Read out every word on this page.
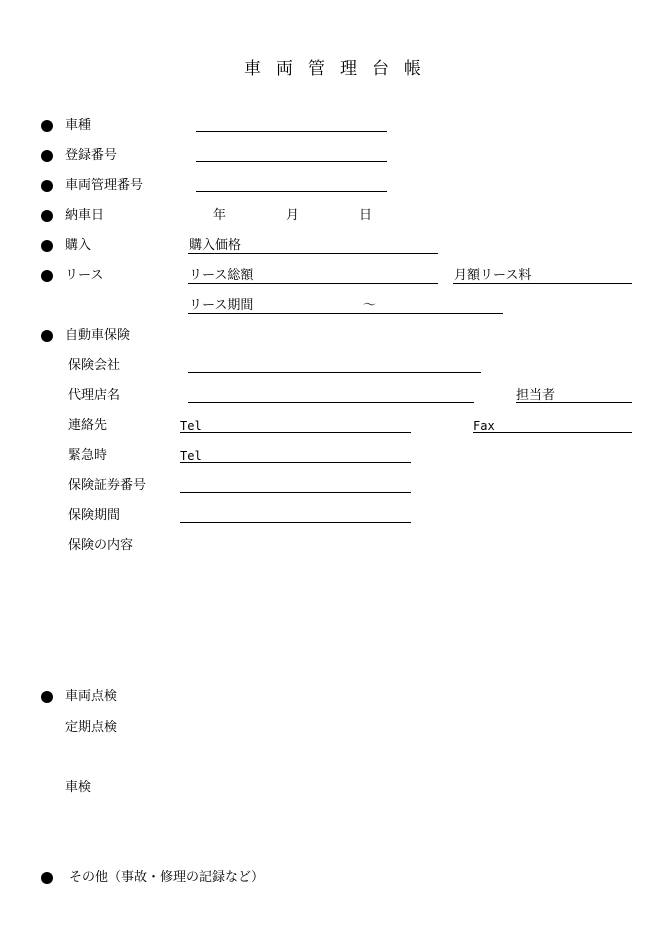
車両管理台帳
車種
登録番号
車両管理番号
納車日	年	月	日
購入	購入価格
リース	リース総額	月額リース料
リース期間	～
自動車保険
保険会社
代理店名	担当者
連絡先	Tel	Fax
緊急時	Tel
保険証券番号
保険期間
保険の内容
車両点検
定期点検
車検
その他（事故・修理の記録など）
